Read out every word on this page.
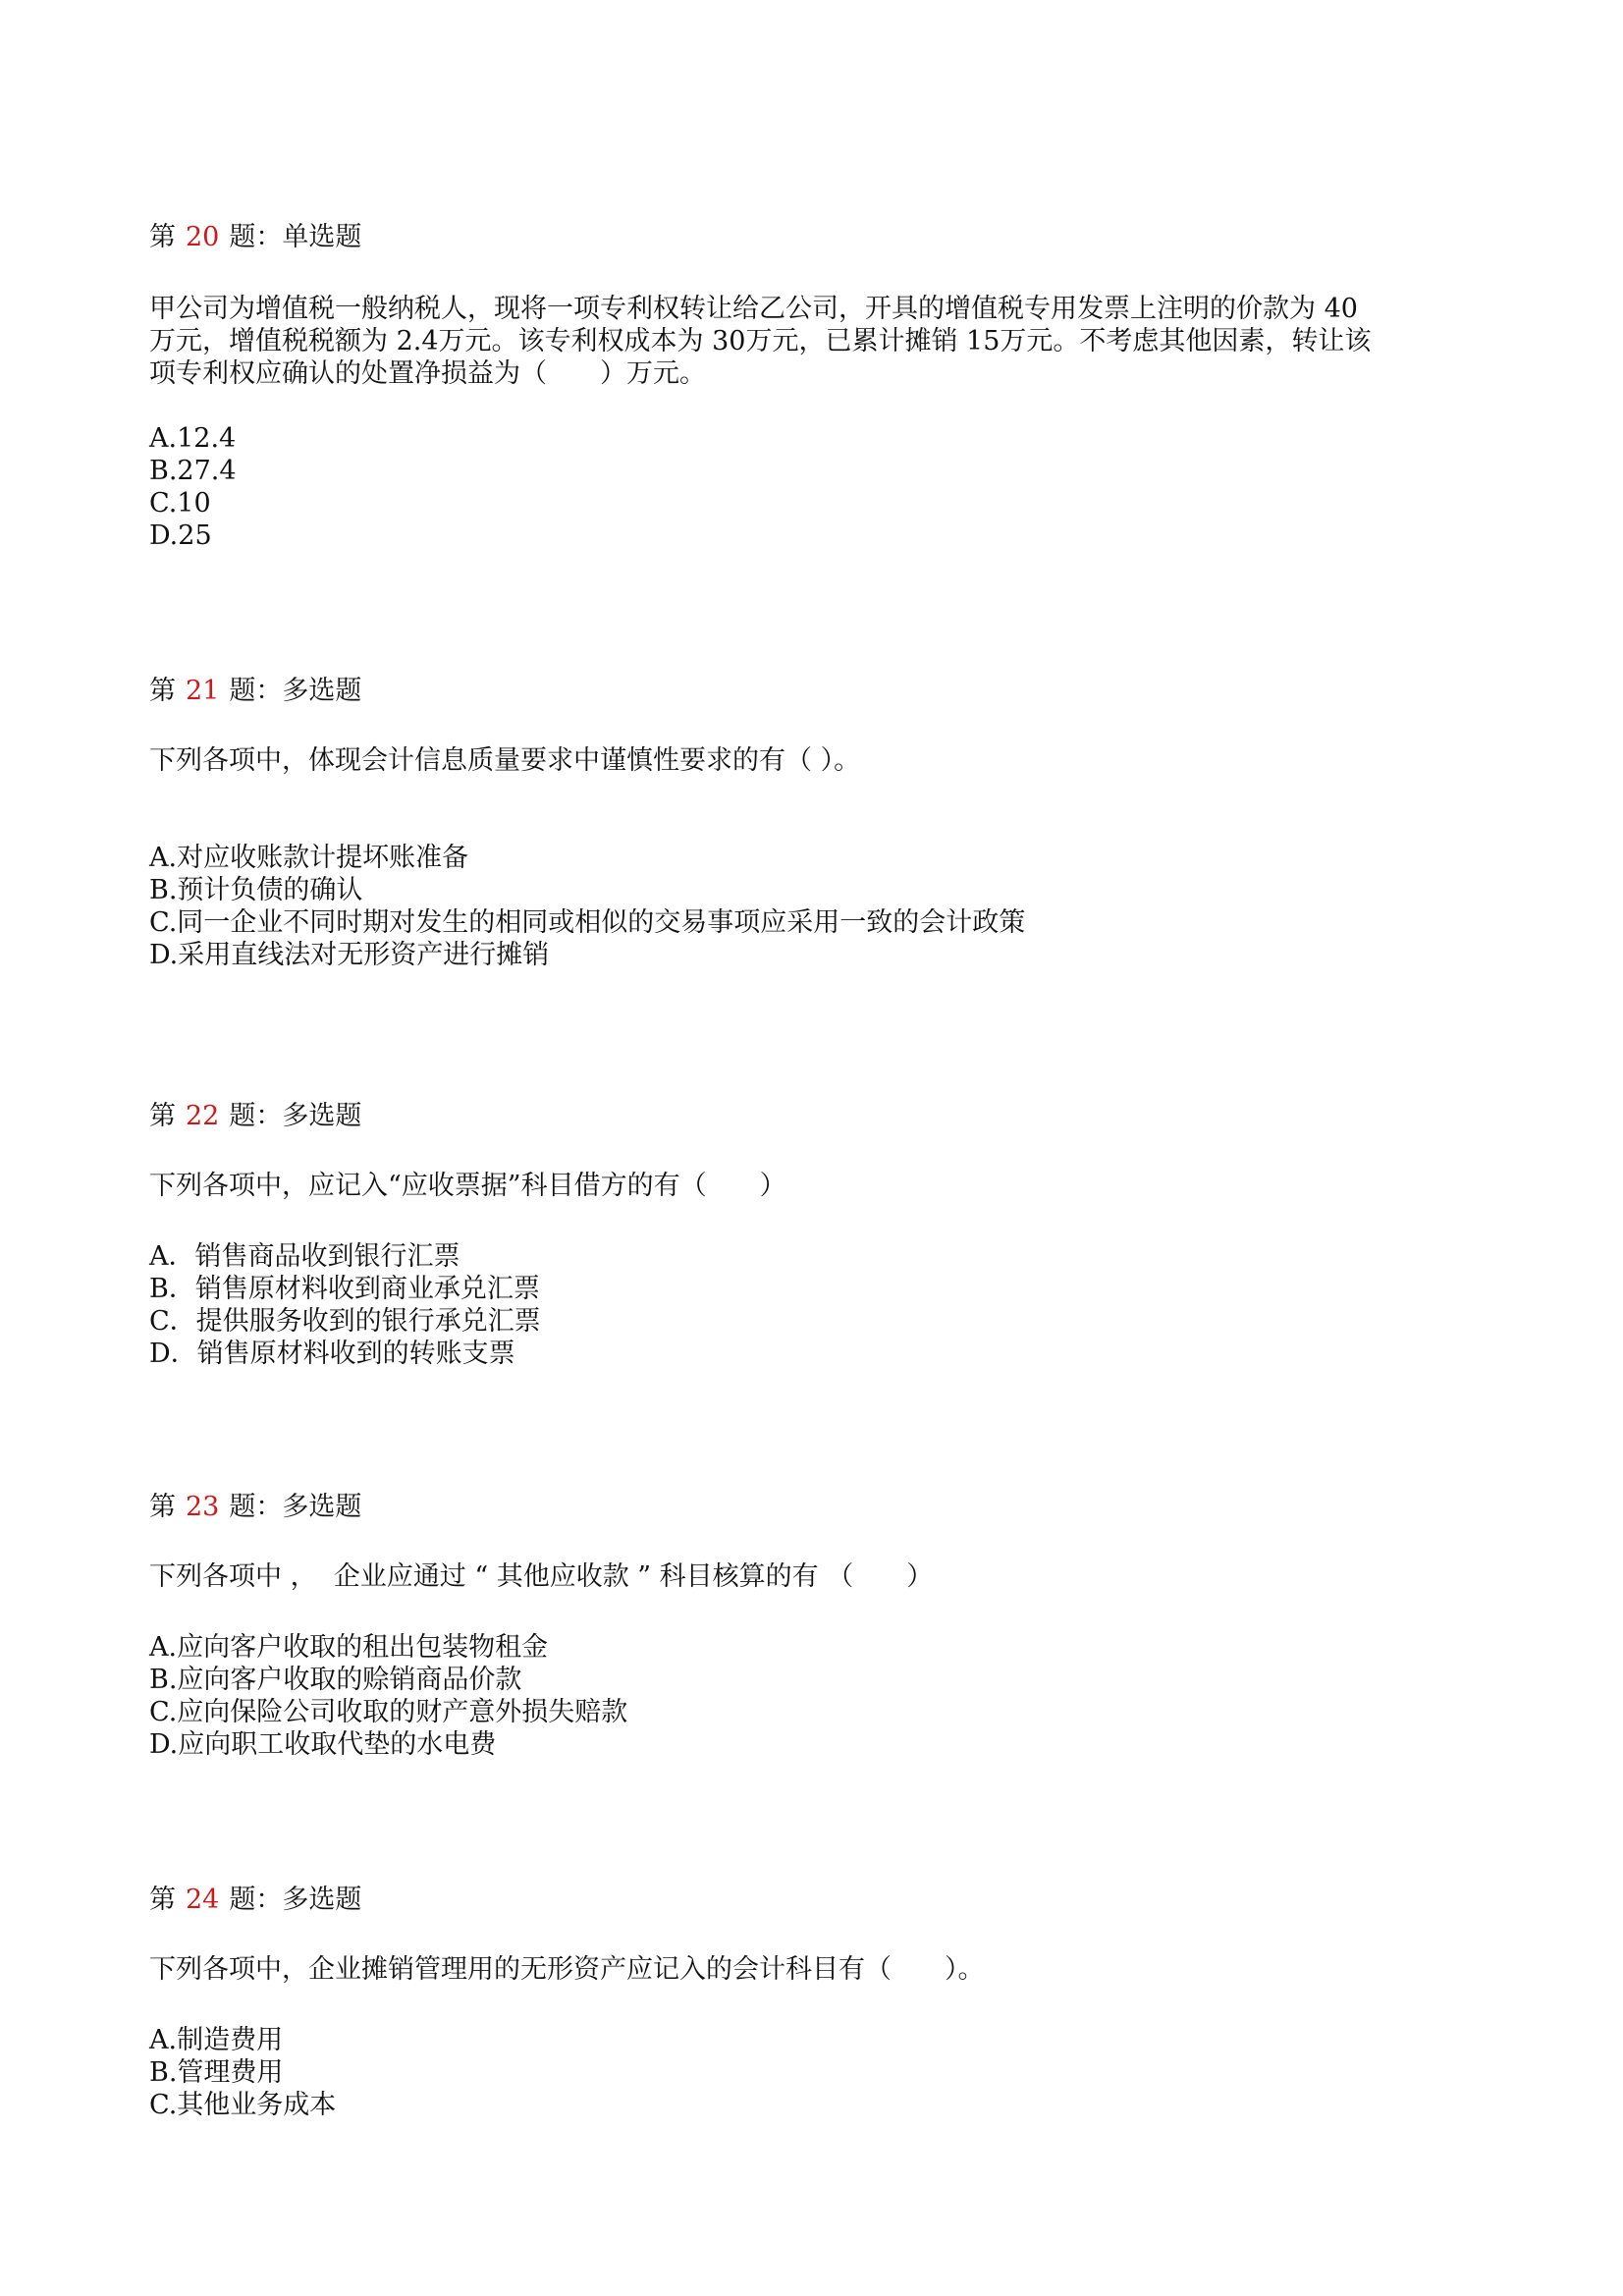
第 20 题：单选题
甲公司为增值税一般纳税人，现将一项专利权转让给乙公司，开具的增值税专用发票上注明的价款为 40
万元，增值税税额为 2.4万元。该专利权成本为 30万元，已累计摊销 15万元。不考虑其他因素，转让该
项专利权应确认的处置净损益为（　　）万元。
A.12.4
B.27.4
C.10
D.25
第 21 题：多选题
下列各项中，体现会计信息质量要求中谨慎性要求的有（ ）。
A.对应收账款计提坏账准备
B.预计负债的确认
C.同一企业不同时期对发生的相同或相似的交易事项应采用一致的会计政策
D.采用直线法对无形资产进行摊销
第 22 题：多选题
下列各项中，应记入“应收票据”科目借方的有（　　）
A．销售商品收到银行汇票
B．销售原材料收到商业承兑汇票
C．提供服务收到的银行承兑汇票
D．销售原材料收到的转账支票
第 23 题：多选题
下列各项中 ，  企业应通过 “ 其他应收款 ” 科目核算的有 （　　）
A.应向客户收取的租出包装物租金
B.应向客户收取的赊销商品价款
C.应向保险公司收取的财产意外损失赔款
D.应向职工收取代垫的水电费
第 24 题：多选题
下列各项中，企业摊销管理用的无形资产应记入的会计科目有（　　）。
A.制造费用
B.管理费用
C.其他业务成本
